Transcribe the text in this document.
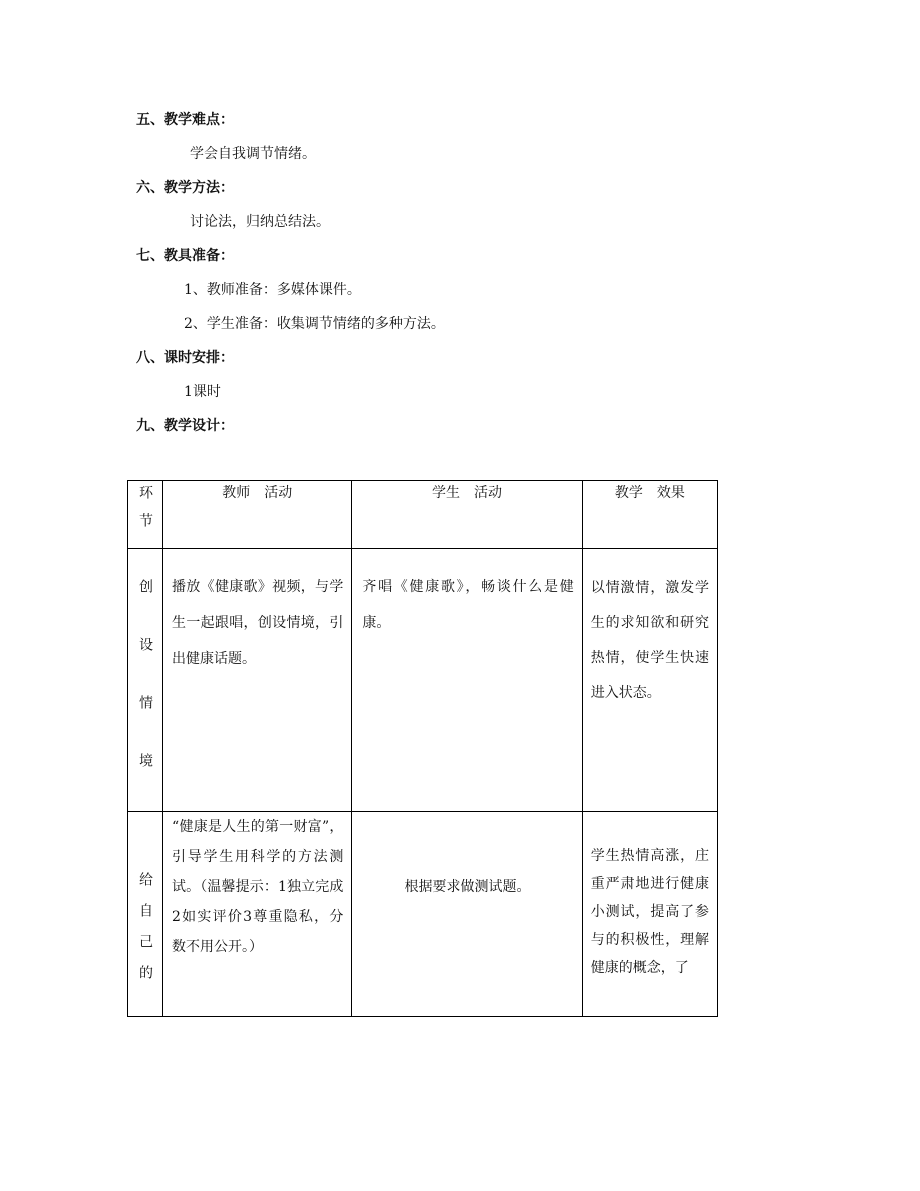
五、教学难点：
学会自我调节情绪。
六、教学方法：
讨论法，归纳总结法。
七、教具准备：
1、教师准备：多媒体课件。
2、学生准备：收集调节情绪的多种方法。
八、课时安排：
1课时
九、教学设计：
环节	教师　活动	学生　活动	教学　效果

创设情境	播放《健康歌》视频，与学生一起跟唱，创设情境，引出健康话题。	齐唱《健康歌》，畅谈什么是健康。	以情激情，激发学生的求知欲和研究热情，使学生快速进入状态。

给自己的	“健康是人生的第一财富”，引导学生用科学的方法测试。（温馨提示：1独立完成2如实评价3尊重隐私，分数不用公开。）	根据要求做测试题。	学生热情高涨，庄重严肃地进行健康小测试，提高了参与的积极性，理解健康的概念，了
